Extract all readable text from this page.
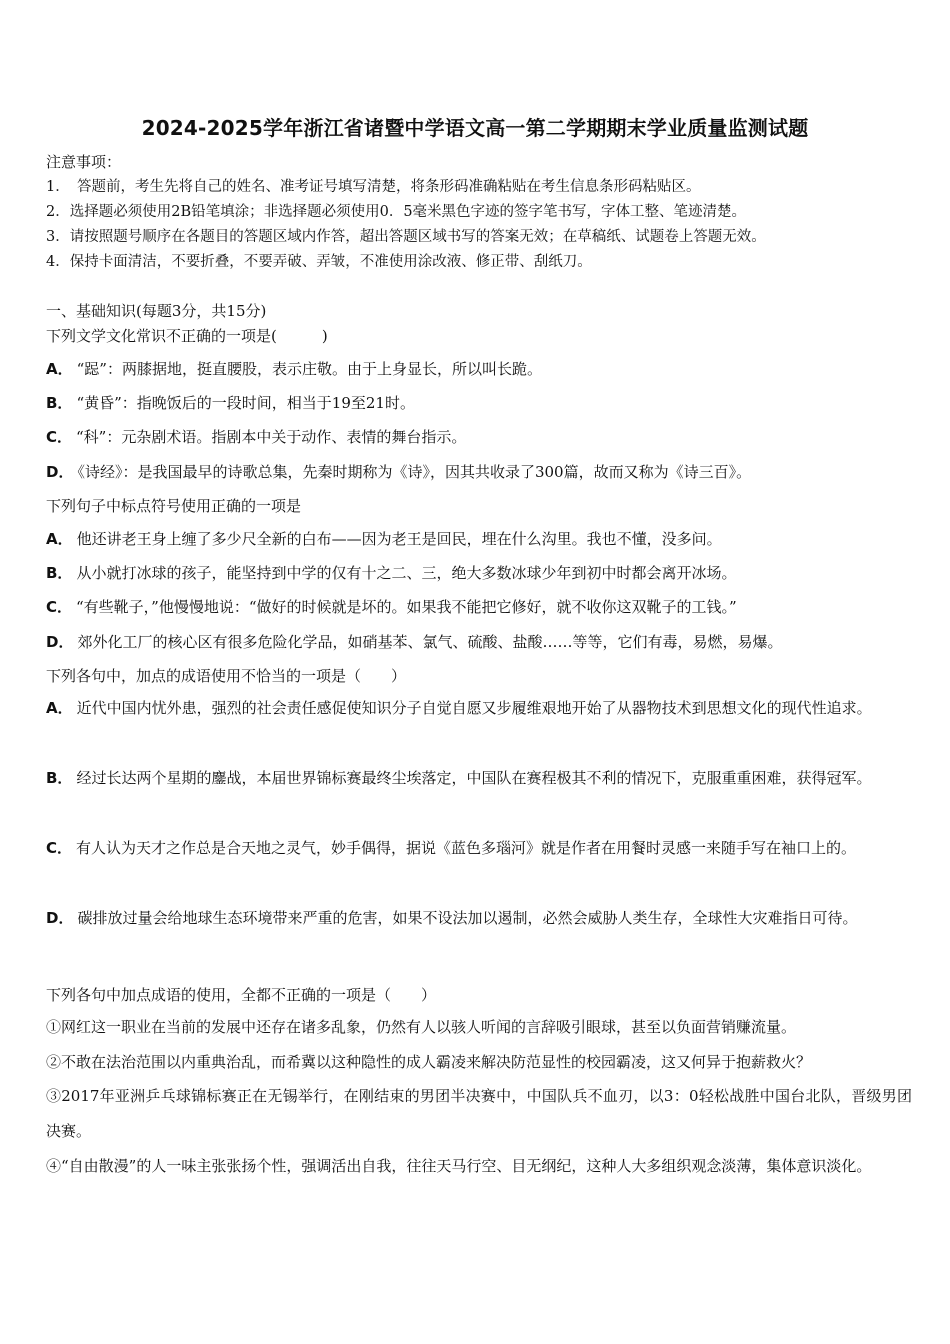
2024-2025学年浙江省诸暨中学语文高一第二学期期末学业质量监测试题
注意事项：
1．　答题前，考生先将自己的姓名、准考证号填写清楚，将条形码准确粘贴在考生信息条形码粘贴区。
2．选择题必须使用2B铅笔填涂；非选择题必须使用0．5毫米黑色字迹的签字笔书写，字体工整、笔迹清楚。
3．请按照题号顺序在各题目的答题区域内作答，超出答题区域书写的答案无效；在草稿纸、试题卷上答题无效。
4．保持卡面清洁，不要折叠，不要弄破、弄皱，不准使用涂改液、修正带、刮纸刀。
一、基础知识(每题3分，共15分)
下列文学文化常识不正确的一项是(　　　)
A． “跽”：两膝据地，挺直腰股，表示庄敬。由于上身显长，所以叫长跪。
B． “黄昏”：指晚饭后的一段时间，相当于19至21时。
C． “科”：元杂剧术语。指剧本中关于动作、表情的舞台指示。
D． 《诗经》：是我国最早的诗歌总集，先秦时期称为《诗》，因其共收录了300篇，故而又称为《诗三百》。
下列句子中标点符号使用正确的一项是
A． 他还讲老王身上缠了多少尺全新的白布——因为老王是回民，埋在什么沟里。我也不懂，没多问。
B． 从小就打冰球的孩子，能坚持到中学的仅有十之二、三，绝大多数冰球少年到初中时都会离开冰场。
C． “有些靴子，”他慢慢地说：“做好的时候就是坏的。如果我不能把它修好，就不收你这双靴子的工钱。”
D． 郊外化工厂的核心区有很多危险化学品，如硝基苯、氯气、硫酸、盐酸……等等，它们有毒，易燃，易爆。
下列各句中，加点的成语使用不恰当的一项是（　　）
A． 近代中国内忧外患，强烈的社会责任感促使知识分子自觉自愿又步履维艰地开始了从器物技术到思想文化的现代性追求。
B． 经过长达两个星期的鏖战，本届世界锦标赛最终尘埃落定，中国队在赛程极其不利的情况下，克服重重困难，获得冠军。
C． 有人认为天才之作总是合天地之灵气，妙手偶得，据说《蓝色多瑙河》就是作者在用餐时灵感一来随手写在袖口上的。
D． 碳排放过量会给地球生态环境带来严重的危害，如果不设法加以遏制，必然会威胁人类生存，全球性大灾难指日可待。
下列各句中加点成语的使用，全都不正确的一项是（　　）
①网红这一职业在当前的发展中还存在诸多乱象，仍然有人以骇人听闻的言辞吸引眼球，甚至以负面营销赚流量。
②不敢在法治范围以内重典治乱，而希冀以这种隐性的成人霸凌来解决防范显性的校园霸凌，这又何异于抱薪救火？
③2017年亚洲乒乓球锦标赛正在无锡举行，在刚结束的男团半决赛中，中国队兵不血刃，以3：0轻松战胜中国台北队，晋级男团决赛。
④“自由散漫”的人一味主张张扬个性，强调活出自我，往往天马行空、目无纲纪，这种人大多组织观念淡薄，集体意识淡化。
